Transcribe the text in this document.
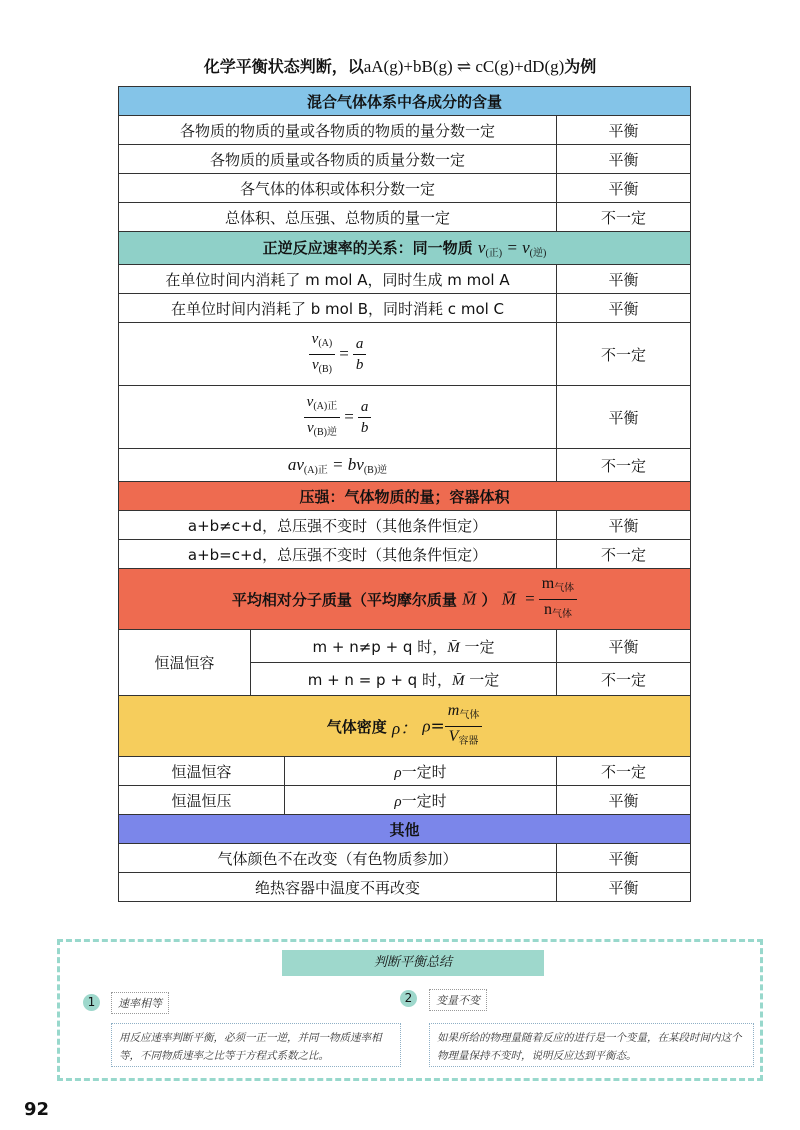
化学平衡状态判断，以aA(g)+bB(g) ⇌ cC(g)+dD(g)为例
混合气体体系中各成分的含量			
各物质的物质的量或各物质的物质的量分数一定			平衡
各物质的质量或各物质的质量分数一定			平衡
各气体的体积或体积分数一定			平衡
总体积、总压强、总物质的量一定			不一定
正逆反应速率的关系：同一物质 $v_{(正)} = v_{(逆)}$
在单位时间内消耗了 m mol A，同时生成 m mol A			平衡
在单位时间内消耗了 b mol B，同时消耗 c mol C			平衡

$\frac{v_{(A)}}{v_{(B)}} = \frac{a}{b}$			不一定

$\frac{v_{(A)正}}{v_{(B)逆}} = \frac{a}{b}$			平衡
$av_{(A)正} = bv_{(B)逆}$			不一定
压强：气体物质的量；容器体积			
a+b≠c+d，总压强不变时（其他条件恒定）			平衡
a+b=c+d，总压强不变时（其他条件恒定）			不一定
平均相对分子质量（平均摩尔质量 M̄ ） M̄ = $\frac{m_{气体}}{n_{气体}}$

恒温恒容	m + n≠p + q 时，M̄ 一定		平衡
	m + n = p + q 时，M̄ 一定		不一定
气体密度 ρ： $\rho= \frac{m_{气体}}{V_{容器}}$

恒温恒容		ρ一定时	不一定
恒温恒压		ρ一定时	平衡
其他			
气体颜色不在改变（有色物质参加）			平衡
绝热容器中温度不再改变			平衡
判断平衡总结
1	速率相等
用反应速率判断平衡，必须一正一逆，并同一物质速率相等，不同物质速率之比等于方程式系数之比。
2	变量不变
如果所给的物理量随着反应的进行是一个变量，在某段时间内这个物理量保持不变时，说明反应达到平衡态。
92
